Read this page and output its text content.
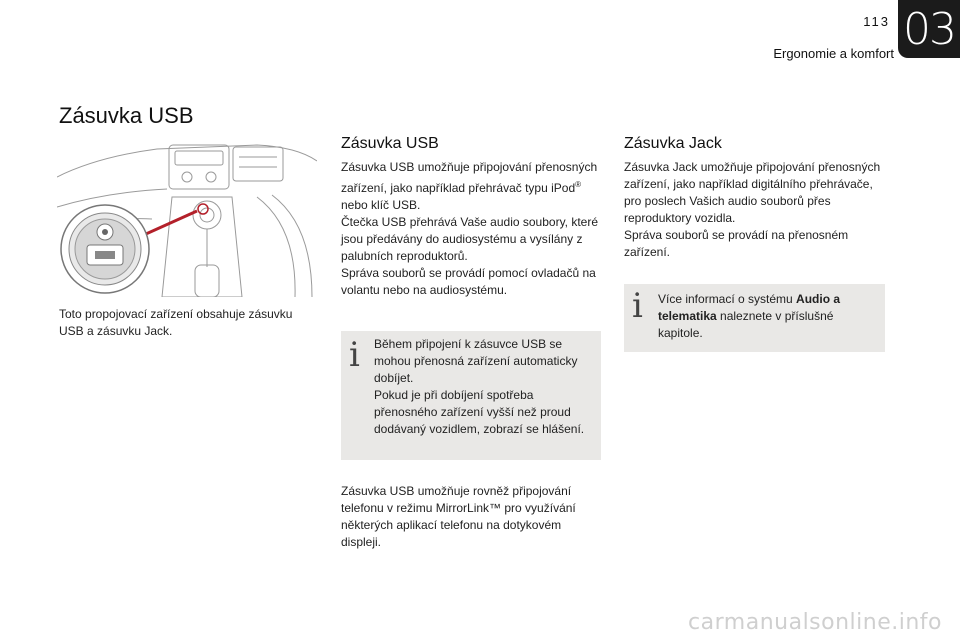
113
Ergonomie a komfort 03
Zásuvka USB
Toto propojovací zařízení obsahuje zásuvku USB a zásuvku Jack.
Zásuvka USB

Zásuvka USB umožňuje připojování přenosných zařízení, jako například přehrávač typu iPod® nebo klíč USB.

Čtečka USB přehrává Vaše audio soubory, které jsou předávány do audiosystému a vysílány z palubních reproduktorů.

Správa souborů se provádí pomocí ovladačů na volantu nebo na audiosystému.

i Během připojení k zásuvce USB se mohou přenosná zařízení automaticky dobíjet.

Pokud je při dobíjení spotřeba přenosného zařízení vyšší než proud dodávaný vozidlem, zobrazí se hlášení.

Zásuvka USB umožňuje rovněž připojování telefonu v režimu MirrorLink™ pro využívání některých aplikací telefonu na dotykovém displeji.
Zásuvka Jack

Zásuvka Jack umožňuje připojování přenosných zařízení, jako například digitálního přehrávače, pro poslech Vašich audio souborů přes reproduktory vozidla.

Správa souborů se provádí na přenosném zařízení.

i Více informací o systému Audio a telematika naleznete v příslušné kapitole.
carmanualsonline.info
